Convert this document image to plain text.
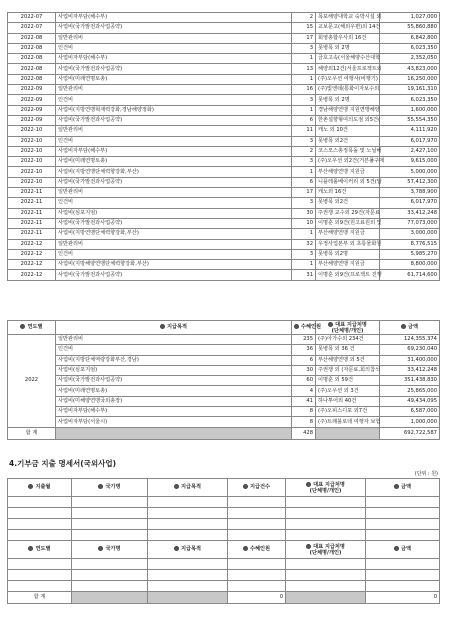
2022-07	사업비자부담(해수부)	2	목포해양대학교 숙박시설 외	1,027,000
2022-07	사업비(국가발전과사업공약)	15	교보문고(해외우편)외 14건	55,860,880
2022-08	일반관리비	17	회영총합우사외 16건	6,842,800
2022-08	인건비	3	못병목 외 2명	6,023,350
2022-08	사업비자부담(해수부)	1	금호고속(서울해양수산대학	2,352,050
2022-08	사업비(국가발전과사업공약)	13	해양외12건(서울프로젝트외	43,823,000
2022-08	사업비(미래연명토총)	1	(주)오우션 여행사(비행기)	16,250,000
2022-09	일반관리비	16	(주)빛앤데(통화이자보수외	19,161,310
2022-09	인건비	3	못병목 외 2명	6,023,350
2022-09	사업비(지방연맹혁재력강화,경남해양정화)	1	경남해양연맹 지원연맹해양	1,600,000
2022-09	사업비(국가발전과사업공약)	6	한촌설향형여의도점 외5건(	55,554,350
2022-10	일반관리비	11	캐노 외 10건	4,111,920
2022-10	인건비	3	못병목 외2건	6,017,970
2022-10	사업비자부담(해수부)	2	코스모스총정목돌 및 노닐해	2,427,100
2022-10	사업비(미래연명토총)	3	(주)오우션 외2건(거븐풀구매	9,615,000
2022-10	사업비(지방연맹단체력향강화,부산)	1	부산해양연맹 지원금	5,000,000
2022-10	사업비(국가발전과사업공약)	6	니플레롤베이커리 외 5건(답	57,412,300
2022-11	일반관리비	17	캐노외 16건	3,788,900
2022-11	인건비	3	못병목 외2건	6,017,970
2022-11	사업비(심포지엄)	30	주권쟁 교수외 29건(자문료	33,412,248
2022-11	사업비(국가발전과사업공약)	10	이명훈 외9건(원고료원외 및	77,073,000
2022-11	사업비(지방연맹단체력향강화,부산)	1	부산해양연맹 지원금	3,000,000
2022-12	일반관리비	32	우정사업본부 외 초롱물화원	8,776,515
2022-12	인건비	3	못병목 외2명	5,985,270
2022-12	사업비(지방해양연맹단체력향강화,부산)	1	부산해양연맹 지원금	8,800,000
2022-12	사업비(국가발전과사업공약)	31	이명훈 외9건(프로젝트 진행	61,714,600
연도별	지급목적	수혜인원	대표 지급처명
(단체명/개인)	금액
2022	일반관리비	235	(주)아가수외 234건	124,355,374
	인건비	36	못병목 외 36 건	69,230,040
	사업비(지방단체역량강화부산,경남)	6	부산해양연맹 외 5건	31,400,000
	사업비(심포지엄)	30	주권쟁 외 (자문료,회의참석	33,412,248
	사업비(국가발전과사업공약)	60	이명훈 외 59건	351,438,830
	사업비(미래연명토총)	4	(주)오우션 외 3건	25,865,000
	사업비(미해양연맹국외총장)	41	하나투어외 40건	49,434,095
	사업비자부담(해수부)	8	(주)오피스디포 외7건	6,587,000
	사업비자부담(서울시)	8	(주)트래블로데 여행자 보험	1,000,000
합 계		428		692,722,587
4.기부금 지출 명세서(국외사업)
(단위 : 원)
지출월	국가명	지급목적	지급건수	대표 지급처명
(단체명/개인)	금액

연도별	국가명	지급목적	수혜인원	대표 지급처명
(단체명/개인)	금액

합 계			0		0
